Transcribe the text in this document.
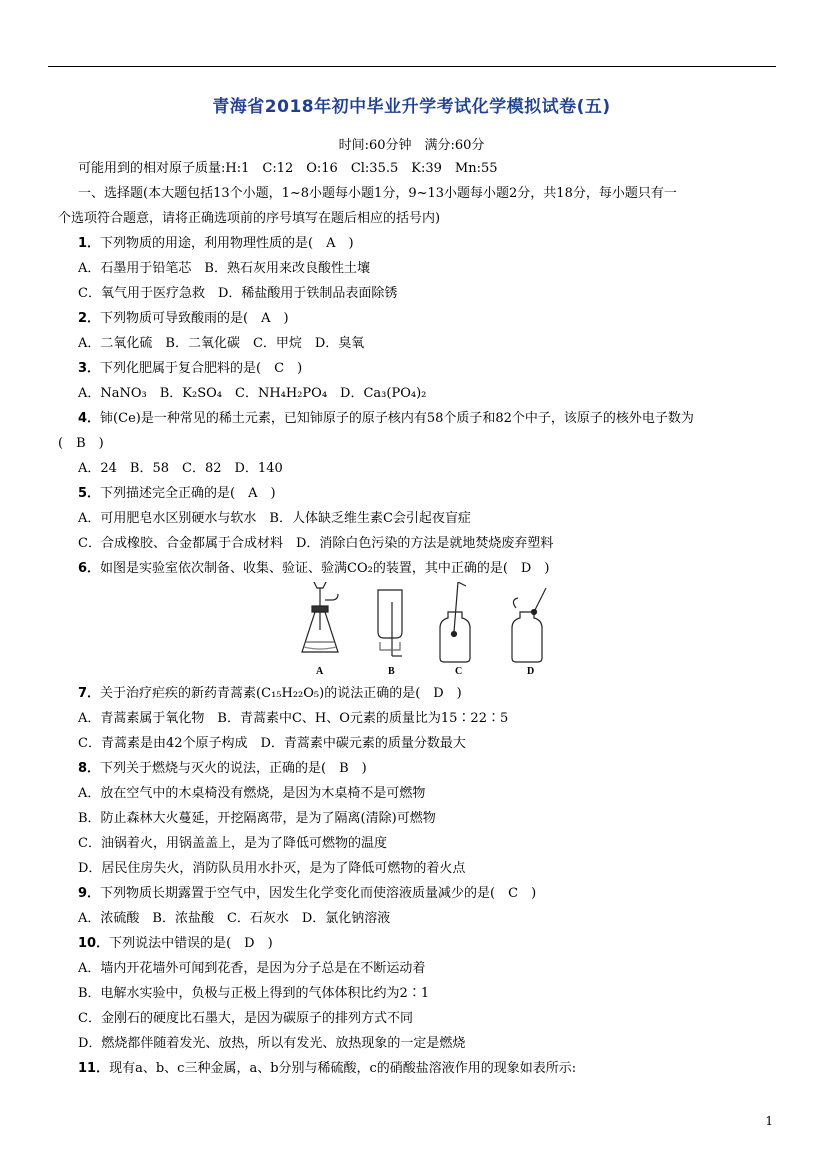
青海省2018年初中毕业升学考试化学模拟试卷(五)
时间:60分钟　满分:60分
可能用到的相对原子质量:H:1　C:12　O:16　Cl:35.5　K:39　Mn:55
一、选择题(本大题包括13个小题，1~8小题每小题1分，9~13小题每小题2分，共18分，每小题只有一
个选项符合题意，请将正确选项前的序号填写在题后相应的括号内)
1．下列物质的用途，利用物理性质的是(　A　)
A．石墨用于铅笔芯　B．熟石灰用来改良酸性土壤
C．氧气用于医疗急救　D．稀盐酸用于铁制品表面除锈
2．下列物质可导致酸雨的是(　A　)
A．二氧化硫　B．二氧化碳　C．甲烷　D．臭氧
3．下列化肥属于复合肥料的是(　C　)
A．NaNO₃　B．K₂SO₄　C．NH₄H₂PO₄　D．Ca₃(PO₄)₂
4．铈(Ce)是一种常见的稀土元素，已知铈原子的原子核内有58个质子和82个中子，该原子的核外电子数为
(　B　)
A．24　B．58　C．82　D．140
5．下列描述完全正确的是(　A　)
A．可用肥皂水区别硬水与软水　B．人体缺乏维生素C会引起夜盲症
C．合成橡胶、合金都属于合成材料　D．消除白色污染的方法是就地焚烧废弃塑料
6．如图是实验室依次制备、收集、验证、验满CO₂的装置，其中正确的是(　D　)
A	B	C	D
7．关于治疗疟疾的新药青蒿素(C₁₅H₂₂O₅)的说法正确的是(　D　)
A．青蒿素属于氧化物　B．青蒿素中C、H、O元素的质量比为15∶22∶5
C．青蒿素是由42个原子构成　D．青蒿素中碳元素的质量分数最大
8．下列关于燃烧与灭火的说法，正确的是(　B　)
A．放在空气中的木桌椅没有燃烧，是因为木桌椅不是可燃物
B．防止森林大火蔓延，开挖隔离带，是为了隔离(清除)可燃物
C．油锅着火，用锅盖盖上，是为了降低可燃物的温度
D．居民住房失火，消防队员用水扑灭，是为了降低可燃物的着火点
9．下列物质长期露置于空气中，因发生化学变化而使溶液质量减少的是(　C　)
A．浓硫酸　B．浓盐酸　C．石灰水　D．氯化钠溶液
10．下列说法中错误的是(　D　)
A．墙内开花墙外可闻到花香，是因为分子总是在不断运动着
B．电解水实验中，负极与正极上得到的气体体积比约为2∶1
C．金刚石的硬度比石墨大，是因为碳原子的排列方式不同
D．燃烧都伴随着发光、放热，所以有发光、放热现象的一定是燃烧
11．现有a、b、c三种金属，a、b分别与稀硫酸，c的硝酸盐溶液作用的现象如表所示:
1
